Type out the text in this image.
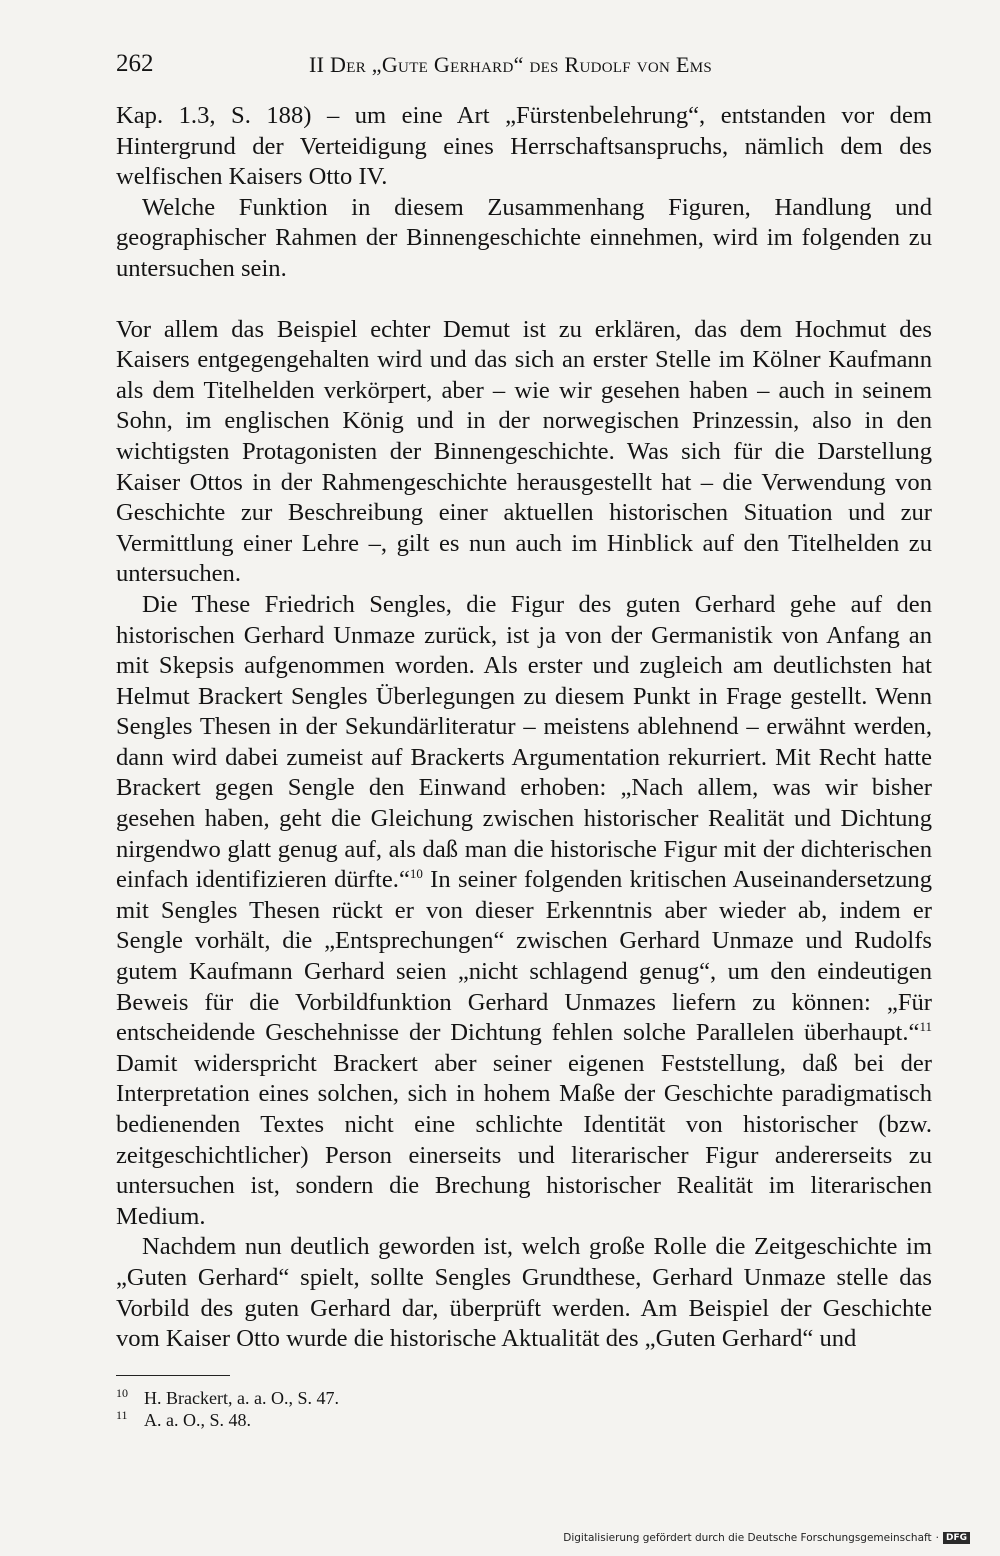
262	II Der „Gute Gerhard“ des Rudolf von Ems

Kap. 1.3, S. 188) – um eine Art „Fürstenbelehrung“, entstanden vor dem Hintergrund der Verteidigung eines Herrschaftsanspruchs, nämlich dem des welfischen Kaisers Otto IV.

Welche Funktion in diesem Zusammenhang Figuren, Handlung und geographischer Rahmen der Binnengeschichte einnehmen, wird im folgenden zu untersuchen sein.

Vor allem das Beispiel echter Demut ist zu erklären, das dem Hochmut des Kaisers entgegengehalten wird und das sich an erster Stelle im Kölner Kaufmann als dem Titelhelden verkörpert, aber – wie wir gesehen haben – auch in seinem Sohn, im englischen König und in der norwegischen Prinzessin, also in den wichtigsten Protagonisten der Binnengeschichte. Was sich für die Darstellung Kaiser Ottos in der Rahmengeschichte herausgestellt hat – die Verwendung von Geschichte zur Beschreibung einer aktuellen historischen Situation und zur Vermittlung einer Lehre –, gilt es nun auch im Hinblick auf den Titelhelden zu untersuchen.

Die These Friedrich Sengles, die Figur des guten Gerhard gehe auf den historischen Gerhard Unmaze zurück, ist ja von der Germanistik von Anfang an mit Skepsis aufgenommen worden. Als erster und zugleich am deutlichsten hat Helmut Brackert Sengles Überlegungen zu diesem Punkt in Frage gestellt. Wenn Sengles Thesen in der Sekundärliteratur – meistens ablehnend – erwähnt werden, dann wird dabei zumeist auf Brackerts Argumentation rekurriert. Mit Recht hatte Brackert gegen Sengle den Einwand erhoben: „Nach allem, was wir bisher gesehen haben, geht die Gleichung zwischen historischer Realität und Dichtung nirgendwo glatt genug auf, als daß man die historische Figur mit der dichterischen einfach identifizieren dürfte.“$^{10}$ In seiner folgenden kritischen Auseinandersetzung mit Sengles Thesen rückt er von dieser Erkenntnis aber wieder ab, indem er Sengle vorhält, die „Entsprechungen“ zwischen Gerhard Unmaze und Rudolfs gutem Kaufmann Gerhard seien „nicht schlagend genug“, um den eindeutigen Beweis für die Vorbildfunktion Gerhard Unmazes liefern zu können: „Für entscheidende Geschehnisse der Dichtung fehlen solche Parallelen überhaupt.“$^{11}$ Damit widerspricht Brackert aber seiner eigenen Feststellung, daß bei der Interpretation eines solchen, sich in hohem Maße der Geschichte paradigmatisch bedienenden Textes nicht eine schlichte Identität von historischer (bzw. zeitgeschichtlicher) Person einerseits und literarischer Figur andererseits zu untersuchen ist, sondern die Brechung historischer Realität im literarischen Medium.

Nachdem nun deutlich geworden ist, welch große Rolle die Zeitgeschichte im „Guten Gerhard“ spielt, sollte Sengles Grundthese, Gerhard Unmaze stelle das Vorbild des guten Gerhard dar, überprüft werden. Am Beispiel der Geschichte vom Kaiser Otto wurde die historische Aktualität des „Guten Gerhard“ und

10 H. Brackert, a. a. O., S. 47.
11 A. a. O., S. 48.
Digitalisierung gefördert durch die Deutsche Forschungsgemeinschaft · DFG
